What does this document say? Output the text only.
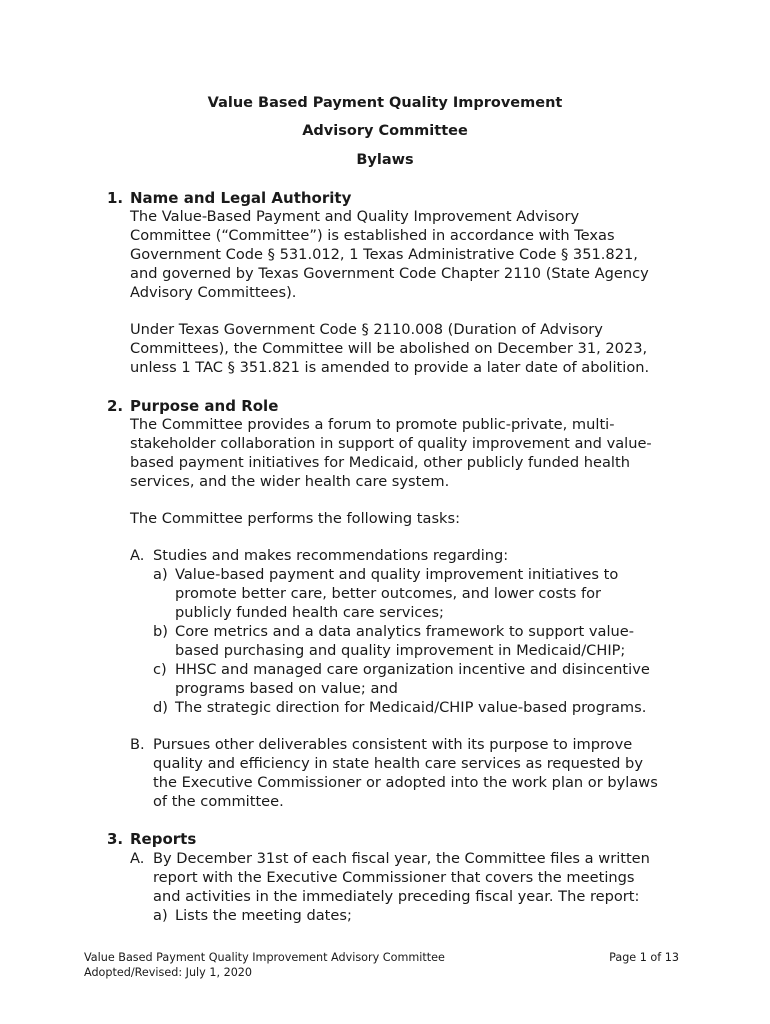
Value Based Payment Quality Improvement
Advisory Committee
Bylaws
1. Name and Legal Authority
The Value-Based Payment and Quality Improvement Advisory
Committee (“Committee”) is established in accordance with Texas
Government Code § 531.012, 1 Texas Administrative Code § 351.821,
and governed by Texas Government Code Chapter 2110 (State Agency
Advisory Committees).
Under Texas Government Code § 2110.008 (Duration of Advisory
Committees), the Committee will be abolished on December 31, 2023,
unless 1 TAC § 351.821 is amended to provide a later date of abolition.
2. Purpose and Role
The Committee provides a forum to promote public-private, multi-
stakeholder collaboration in support of quality improvement and value-
based payment initiatives for Medicaid, other publicly funded health
services, and the wider health care system.
The Committee performs the following tasks:
A. Studies and makes recommendations regarding:
a) Value-based payment and quality improvement initiatives to
promote better care, better outcomes, and lower costs for
publicly funded health care services;
b) Core metrics and a data analytics framework to support value-
based purchasing and quality improvement in Medicaid/CHIP;
c) HHSC and managed care organization incentive and disincentive
programs based on value; and
d) The strategic direction for Medicaid/CHIP value-based programs.
B. Pursues other deliverables consistent with its purpose to improve
quality and efficiency in state health care services as requested by
the Executive Commissioner or adopted into the work plan or bylaws
of the committee.
3. Reports
A. By December 31st of each fiscal year, the Committee files a written
report with the Executive Commissioner that covers the meetings
and activities in the immediately preceding fiscal year. The report:
a) Lists the meeting dates;
Value Based Payment Quality Improvement Advisory Committee
Adopted/Revised: July 1, 2020
Page 1 of 13
